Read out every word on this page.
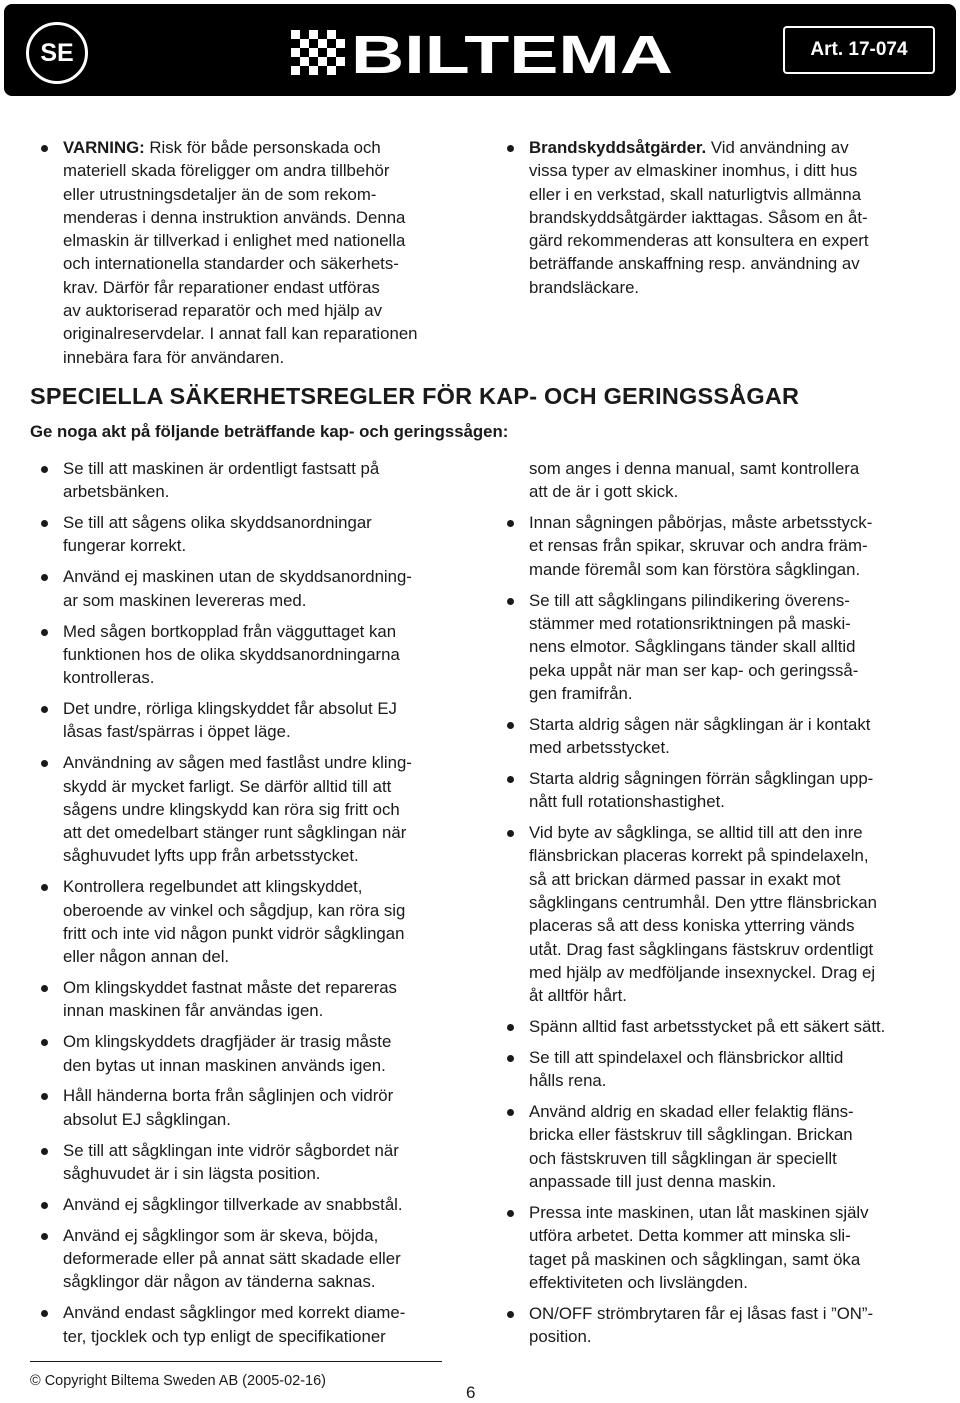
SE	BILTEMA	Art. 17-074
VARNING: Risk för både personskada och
materiell skada föreligger om andra tillbehör
eller utrustningsdetaljer än de som rekom-
menderas i denna instruktion används. Denna
elmaskin är tillverkad i enlighet med nationella
och internationella standarder och säkerhets-
krav. Därför får reparationer endast utföras
av auktoriserad reparatör och med hjälp av
originalreservdelar. I annat fall kan reparationen
innebära fara för användaren.
Brandskyddsåtgärder. Vid användning av
vissa typer av elmaskiner inomhus, i ditt hus
eller i en verkstad, skall naturligtvis allmänna
brandskyddsåtgärder iakttagas. Såsom en åt-
gärd rekommenderas att konsultera en expert
beträffande anskaffning resp. användning av
brandsläckare.
SPECIELLA SÄKERHETSREGLER FÖR KAP- OCH GERINGSSÅGAR

Ge noga akt på följande beträffande kap- och geringssågen:

Se till att maskinen är ordentligt fastsatt på
arbetsbänken.
Se till att sågens olika skyddsanordningar
fungerar korrekt.
Använd ej maskinen utan de skyddsanordning-
ar som maskinen levereras med.
Med sågen bortkopplad från vägguttaget kan
funktionen hos de olika skyddsanordningarna
kontrolleras.
Det undre, rörliga klingskyddet får absolut EJ
låsas fast/spärras i öppet läge.
Användning av sågen med fastlåst undre kling-
skydd är mycket farligt. Se därför alltid till att
sågens undre klingskydd kan röra sig fritt och
att det omedelbart stänger runt sågklingan när
såghuvudet lyfts upp från arbetsstycket.
Kontrollera regelbundet att klingskyddet,
oberoende av vinkel och sågdjup, kan röra sig
fritt och inte vid någon punkt vidrör sågklingan
eller någon annan del.
Om klingskyddet fastnat måste det repareras
innan maskinen får användas igen.
Om klingskyddets dragfjäder är trasig måste
den bytas ut innan maskinen används igen.
Håll händerna borta från såglinjen och vidrör
absolut EJ sågklingan.
Se till att sågklingan inte vidrör sågbordet när
såghuvudet är i sin lägsta position.
Använd ej sågklingor tillverkade av snabbstål.
Använd ej sågklingor som är skeva, böjda,
deformerade eller på annat sätt skadade eller
sågklingor där någon av tänderna saknas.
Använd endast sågklingor med korrekt diame-
ter, tjocklek och typ enligt de specifikationer

som anges i denna manual, samt kontrollera
att de är i gott skick.

Innan sågningen påbörjas, måste arbetsstyck-
et rensas från spikar, skruvar och andra främ-
mande föremål som kan förstöra sågklingan.
Se till att sågklingans pilindikering överens-
stämmer med rotationsriktningen på maski-
nens elmotor. Sågklingans tänder skall alltid
peka uppåt när man ser kap- och geringsså-
gen framifrån.
Starta aldrig sågen när sågklingan är i kontakt
med arbetsstycket.
Starta aldrig sågningen förrän sågklingan upp-
nått full rotationshastighet.
Vid byte av sågklinga, se alltid till att den inre
flänsbrickan placeras korrekt på spindelaxeln,
så att brickan därmed passar in exakt mot
sågklingans centrumhål. Den yttre flänsbrickan
placeras så att dess koniska ytterring vänds
utåt. Drag fast sågklingans fästskruv ordentligt
med hjälp av medföljande insexnyckel. Drag ej
åt alltför hårt.
Spänn alltid fast arbetsstycket på ett säkert sätt.
Se till att spindelaxel och flänsbrickor alltid
hålls rena.
Använd aldrig en skadad eller felaktig fläns-
bricka eller fästskruv till sågklingan. Brickan
och fästskruven till sågklingan är speciellt
anpassade till just denna maskin.
Pressa inte maskinen, utan låt maskinen själv
utföra arbetet. Detta kommer att minska sli-
taget på maskinen och sågklingan, samt öka
effektiviteten och livslängden.
ON/OFF strömbrytaren får ej låsas fast i ”ON”-
position.
© Copyright Biltema Sweden AB (2005-02-16)
6
